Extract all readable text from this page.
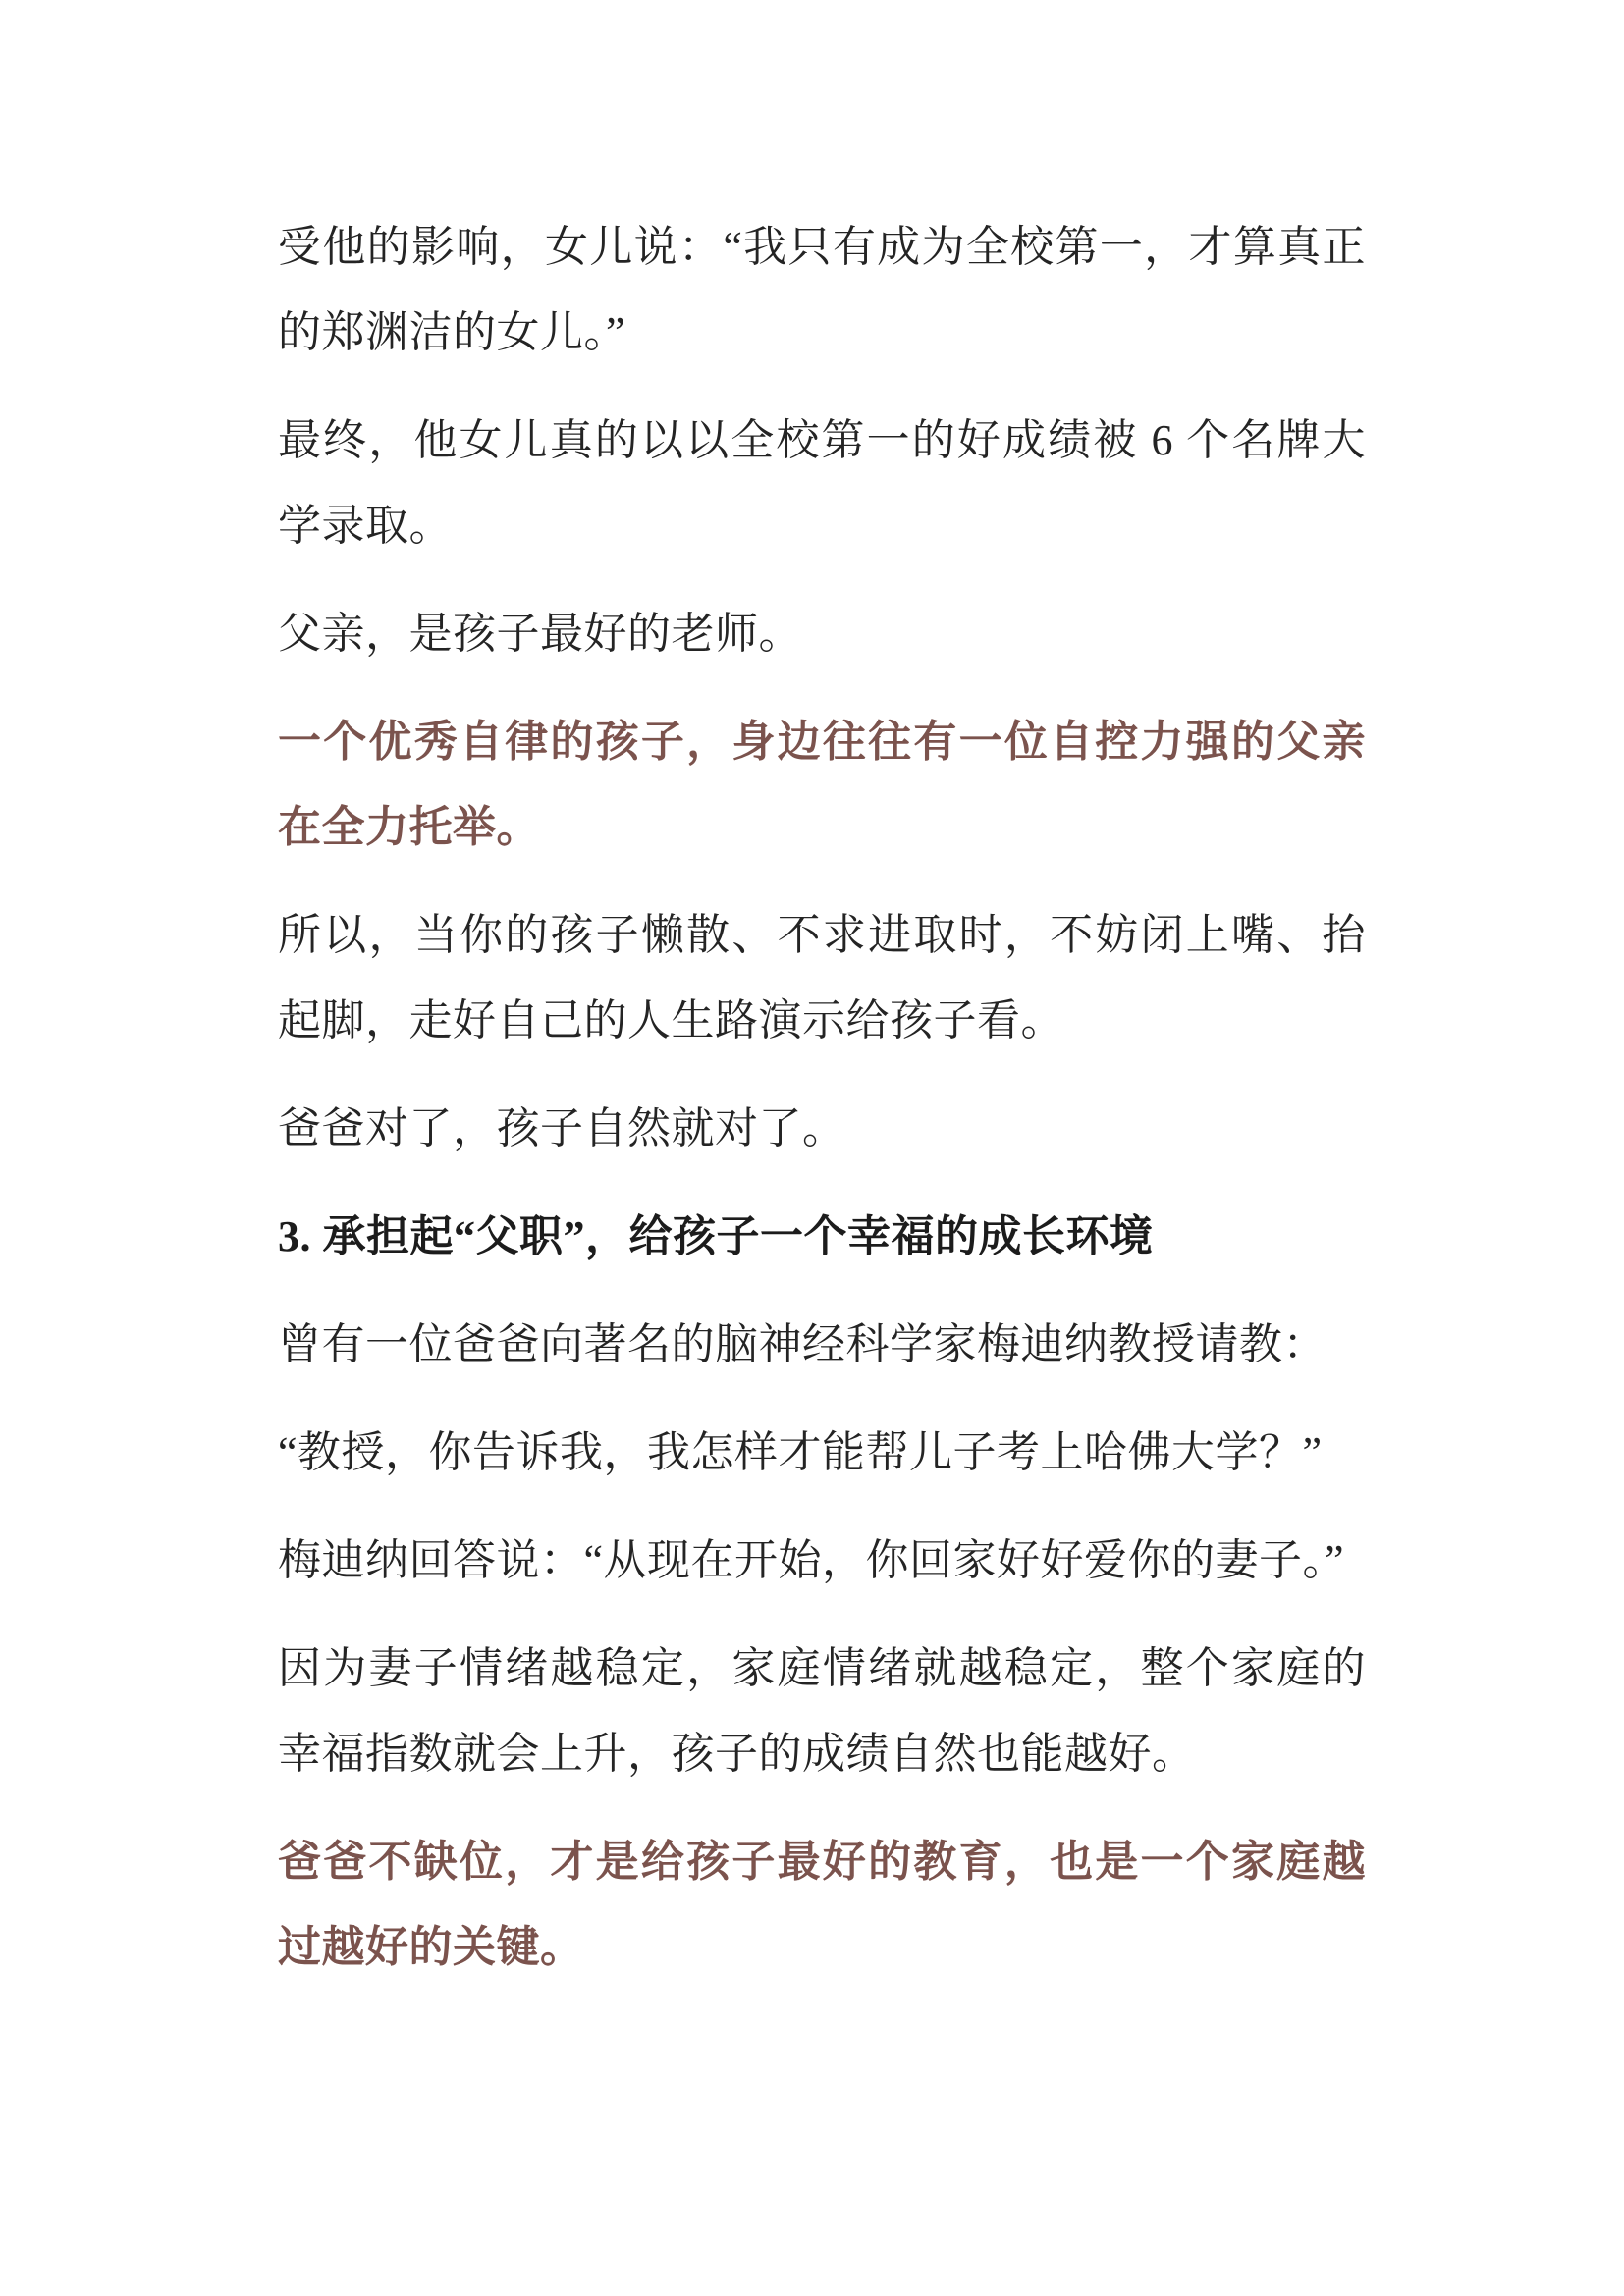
受他的影响，女儿说：“我只有成为全校第一，才算真正的郑渊洁的女儿。”

最终，他女儿真的以以全校第一的好成绩被 6 个名牌大学录取。

父亲，是孩子最好的老师。

一个优秀自律的孩子，身边往往有一位自控力强的父亲在全力托举。

所以，当你的孩子懒散、不求进取时，不妨闭上嘴、抬起脚，走好自己的人生路演示给孩子看。

爸爸对了，孩子自然就对了。

3. 承担起“父职”，给孩子一个幸福的成长环境

曾有一位爸爸向著名的脑神经科学家梅迪纳教授请教：

“教授，你告诉我，我怎样才能帮儿子考上哈佛大学？”

梅迪纳回答说：“从现在开始，你回家好好爱你的妻子。”

因为妻子情绪越稳定，家庭情绪就越稳定，整个家庭的幸福指数就会上升，孩子的成绩自然也能越好。

爸爸不缺位，才是给孩子最好的教育，也是一个家庭越过越好的关键。
